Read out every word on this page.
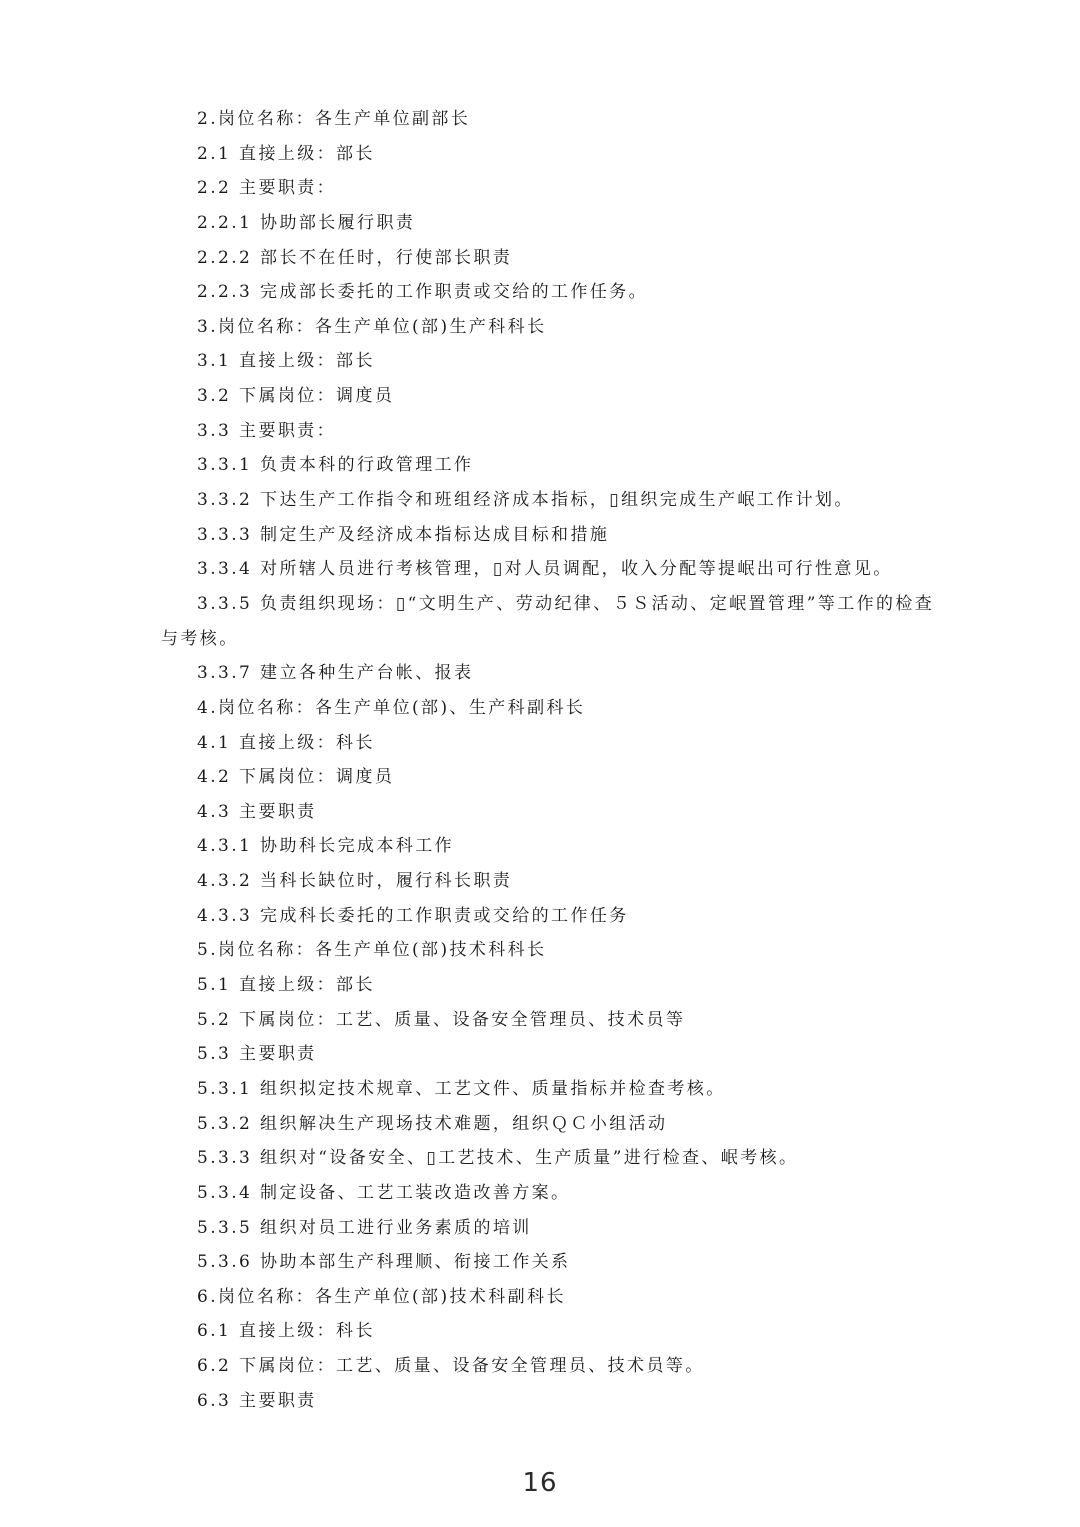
2.岗位名称：各生产单位副部长
2.1 直接上级：部长
2.2 主要职责：
2.2.1 协助部长履行职责
2.2.2 部长不在任时，行使部长职责
2.2.3 完成部长委托的工作职责或交给的工作任务。
3.岗位名称：各生产单位(部)生产科科长
3.1 直接上级：部长
3.2 下属岗位：调度员
3.3 主要职责：
3.3.1 负责本科的行政管理工作
3.3.2 下达生产工作指令和班组经济成本指标，▯组织完成生产岷工作计划。
3.3.3 制定生产及经济成本指标达成目标和措施
3.3.4 对所辖人员进行考核管理，▯对人员调配，收入分配等提岷出可行性意见。
3.3.5 负责组织现场：▯“文明生产、劳动纪律、５Ｓ活动、定岷置管理”等工作的检查
与考核。
3.3.7 建立各种生产台帐、报表
4.岗位名称：各生产单位(部)、生产科副科长
4.1 直接上级：科长
4.2 下属岗位：调度员
4.3 主要职责
4.3.1 协助科长完成本科工作
4.3.2 当科长缺位时，履行科长职责
4.3.3 完成科长委托的工作职责或交给的工作任务
5.岗位名称：各生产单位(部)技术科科长
5.1 直接上级：部长
5.2 下属岗位：工艺、质量、设备安全管理员、技术员等
5.3 主要职责
5.3.1 组织拟定技术规章、工艺文件、质量指标并检查考核。
5.3.2 组织解决生产现场技术难题，组织ＱＣ小组活动
5.3.3 组织对“设备安全、▯工艺技术、生产质量”进行检查、岷考核。
5.3.4 制定设备、工艺工装改造改善方案。
5.3.5 组织对员工进行业务素质的培训
5.3.6 协助本部生产科理顺、衔接工作关系
6.岗位名称：各生产单位(部)技术科副科长
6.1 直接上级：科长
6.2 下属岗位：工艺、质量、设备安全管理员、技术员等。
6.3 主要职责
16
